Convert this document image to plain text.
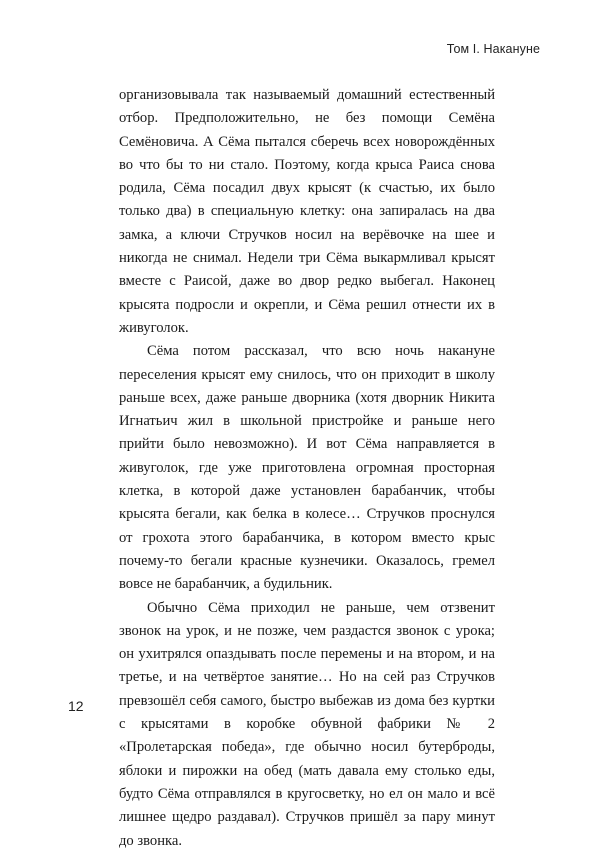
Том I. Накануне

организовывала так называемый домашний естественный отбор. Предположительно, не без помощи Семёна Семёновича. А Сёма пытался сберечь всех новорождённых во что бы то ни стало. Поэтому, когда крыса Раиса снова родила, Сёма посадил двух крысят (к счастью, их было только два) в специальную клетку: она запиралась на два замка, а ключи Стручков носил на верёвочке на шее и никогда не снимал. Недели три Сёма выкармливал крысят вместе с Раисой, даже во двор редко выбегал. Наконец крысята подросли и окрепли, и Сёма решил отнести их в живуголок.

Сёма потом рассказал, что всю ночь накануне переселения крысят ему снилось, что он приходит в школу раньше всех, даже раньше дворника (хотя дворник Никита Игнатьич жил в школьной пристройке и раньше него прийти было невозможно). И вот Сёма направляется в живуголок, где уже приготовлена огромная просторная клетка, в которой даже установлен барабанчик, чтобы крысята бегали, как белка в колесе… Стручков проснулся от грохота этого барабанчика, в котором вместо крыс почему-то бегали красные кузнечики. Оказалось, гремел вовсе не барабанчик, а будильник.

Обычно Сёма приходил не раньше, чем отзвенит звонок на урок, и не позже, чем раздастся звонок с урока; он ухитрялся опаздывать после перемены и на втором, и на третье, и на четвёртое занятие… Но на сей раз Стручков превзошёл себя самого, быстро выбежав из дома без куртки с крысятами в коробке обувной фабрики № 2 «Пролетарская победа», где обычно носил бутерброды, яблоки и пирожки на обед (мать давала ему столько еды, будто Сёма отправлялся в кругосветку, но ел он мало и всё лишнее щедро раздавал). Стручков пришёл за пару минут до звонка.

12
